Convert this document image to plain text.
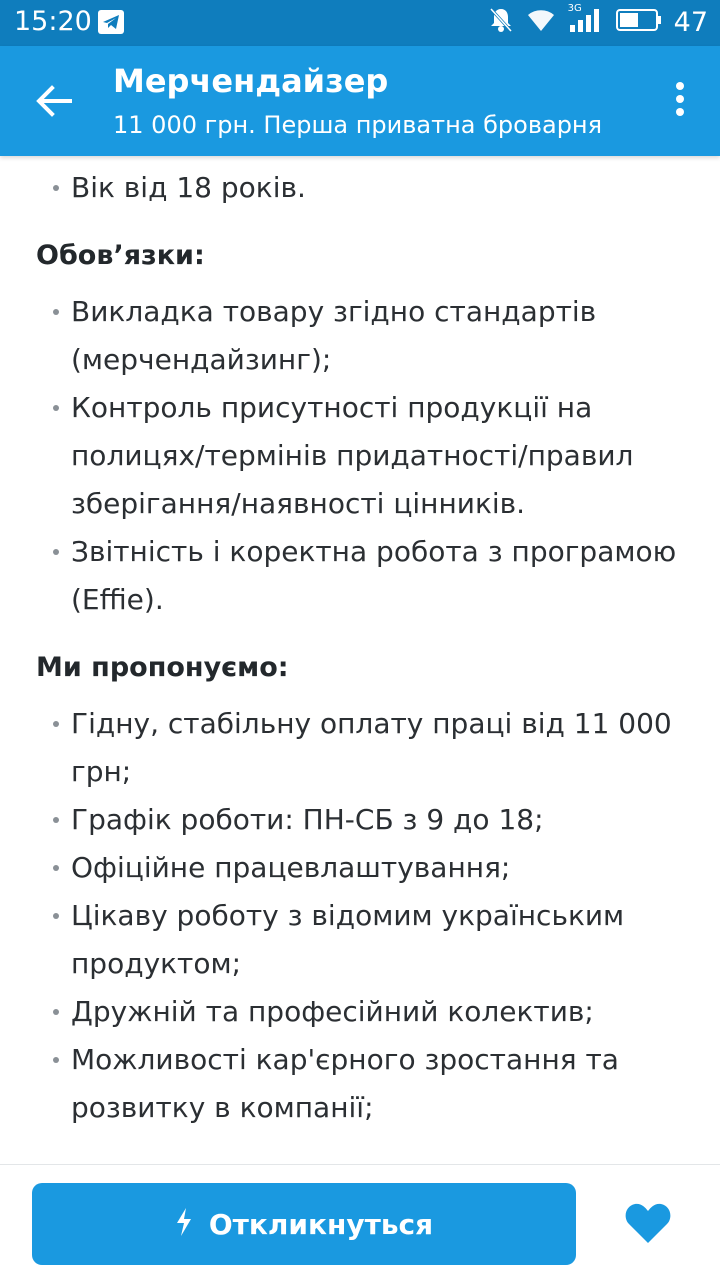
15:20	3G	47
Мерчендайзер
11 000 грн. Перша приватна броварня
Вік від 18 років.
Обов’язки:
Викладка товару згідно стандартів (мерчендайзинг);
Контроль присутності продукції на полицях/термінів придатності/правил зберігання/наявності цінників.
Звітність і коректна робота з програмою (Effie).
Ми пропонуємо:
Гідну, стабільну оплату праці від 11 000 грн;
Графік роботи: ПН-СБ з 9 до 18;
Офіційне працевлаштування;
Цікаву роботу з відомим українським продуктом;
Дружній та професійний колектив;
Можливості кар'єрного зростання та розвитку в компанії;
Откликнуться
